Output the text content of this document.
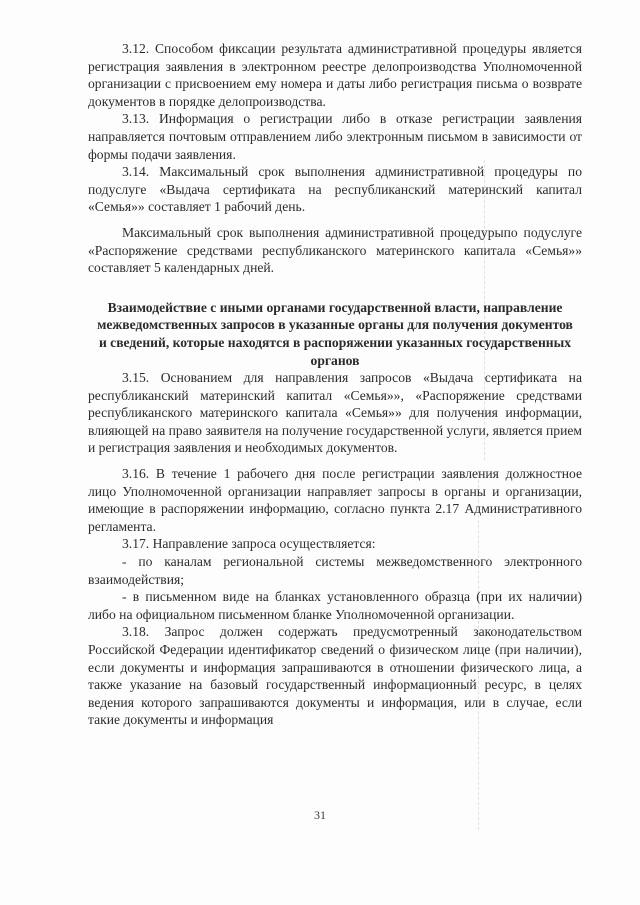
3.12. Способом фиксации результата административной процедуры является регистрация заявления в электронном реестре делопроизводства Уполномоченной организации с присвоением ему номера и даты либо регистрация письма о возврате документов в порядке делопроизводства.

3.13. Информация о регистрации либо в отказе регистрации заявления направляется почтовым отправлением либо электронным письмом в зависимости от формы подачи заявления.

3.14. Максимальный срок выполнения административной процедуры по подуслуге «Выдача сертификата на республиканский материнский капитал «Семья»» составляет 1 рабочий день.

Максимальный срок выполнения административной процедурыпо подуслуге «Распоряжение средствами республиканского материнского капитала «Семья»» составляет 5 календарных дней.

Взаимодействие с иными органами государственной власти, направление межведомственных запросов в указанные органы для получения документов и сведений, которые находятся в распоряжении указанных государственных органов

3.15. Основанием для направления запросов «Выдача сертификата на республиканский материнский капитал «Семья»», «Распоряжение средствами республиканского материнского капитала «Семья»» для получения информации, влияющей на право заявителя на получение государственной услуги, является прием и регистрация заявления и необходимых документов.

3.16. В течение 1 рабочего дня после регистрации заявления должностное лицо Уполномоченной организации направляет запросы в органы и организации, имеющие в распоряжении информацию, согласно пункта 2.17 Административного регламента.

3.17. Направление запроса осуществляется:

- по каналам региональной системы межведомственного электронного взаимодействия;

- в письменном виде на бланках установленного образца (при их наличии) либо на официальном письменном бланке Уполномоченной организации.

3.18. Запрос должен содержать предусмотренный законодательством Российской Федерации идентификатор сведений о физическом лице (при наличии), если документы и информация запрашиваются в отношении физического лица, а также указание на базовый государственный информационный ресурс, в целях ведения которого запрашиваются документы и информация, или в случае, если такие документы и информация

31
